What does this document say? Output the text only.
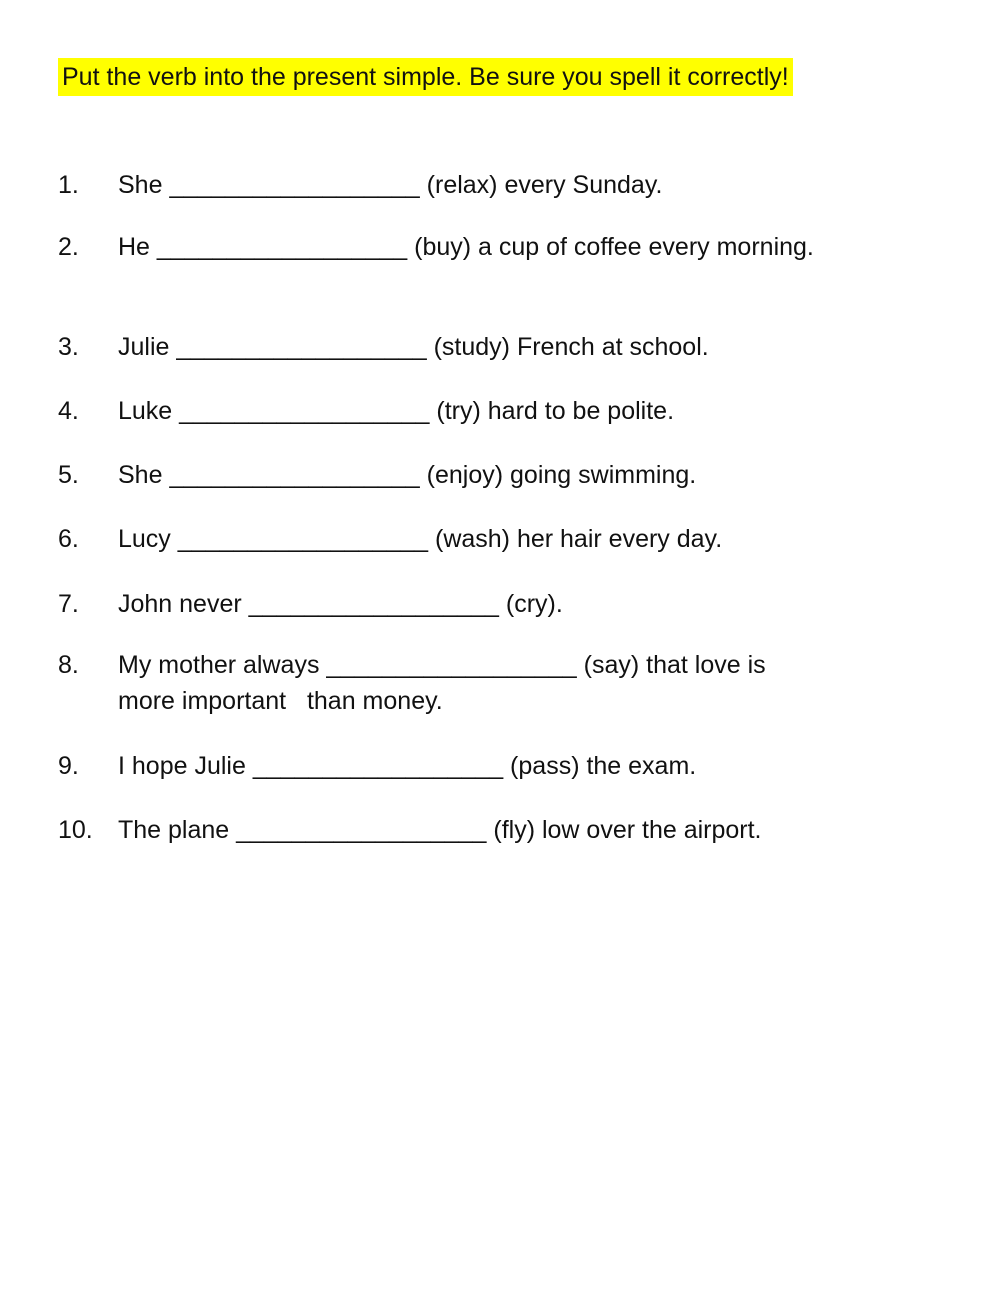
Put the verb into the present simple. Be sure you spell it correctly!
1. She __________________ (relax) every Sunday.
2. He __________________ (buy) a cup of coffee every morning.
3. Julie __________________ (study) French at school.
4. Luke __________________ (try) hard to be polite.
5. She __________________ (enjoy) going swimming.
6. Lucy __________________ (wash) her hair every day.
7. John never __________________ (cry).
8. My mother always __________________ (say) that love is
more important   than money.
9. I hope Julie __________________ (pass) the exam.
10. The plane __________________ (fly) low over the airport.
